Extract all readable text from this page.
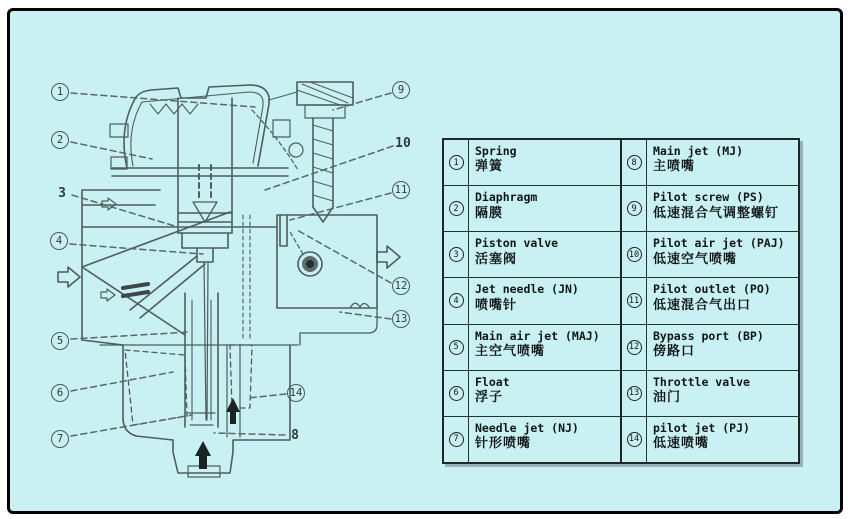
1
2
3
4
5
6
7	8
9
10
11
12
13
14
1
Spring
弹簧
2
Diaphragm
隔膜
3
Piston valve
活塞阀
4
Jet needle (JN)
喷嘴针
5
Main air jet (MAJ)
主空气喷嘴
6
Float
浮子
7
Needle jet (NJ)
针形喷嘴
8
Main jet (MJ)
主喷嘴
9
Pilot screw (PS)
低速混合气调整螺钉
10
Pilot air jet (PAJ)
低速空气喷嘴
11
Pilot outlet (PO)
低速混合气出口
12
Bypass port (BP)
傍路口
13
Throttle valve
油门
14
pilot jet (PJ)
低速喷嘴
